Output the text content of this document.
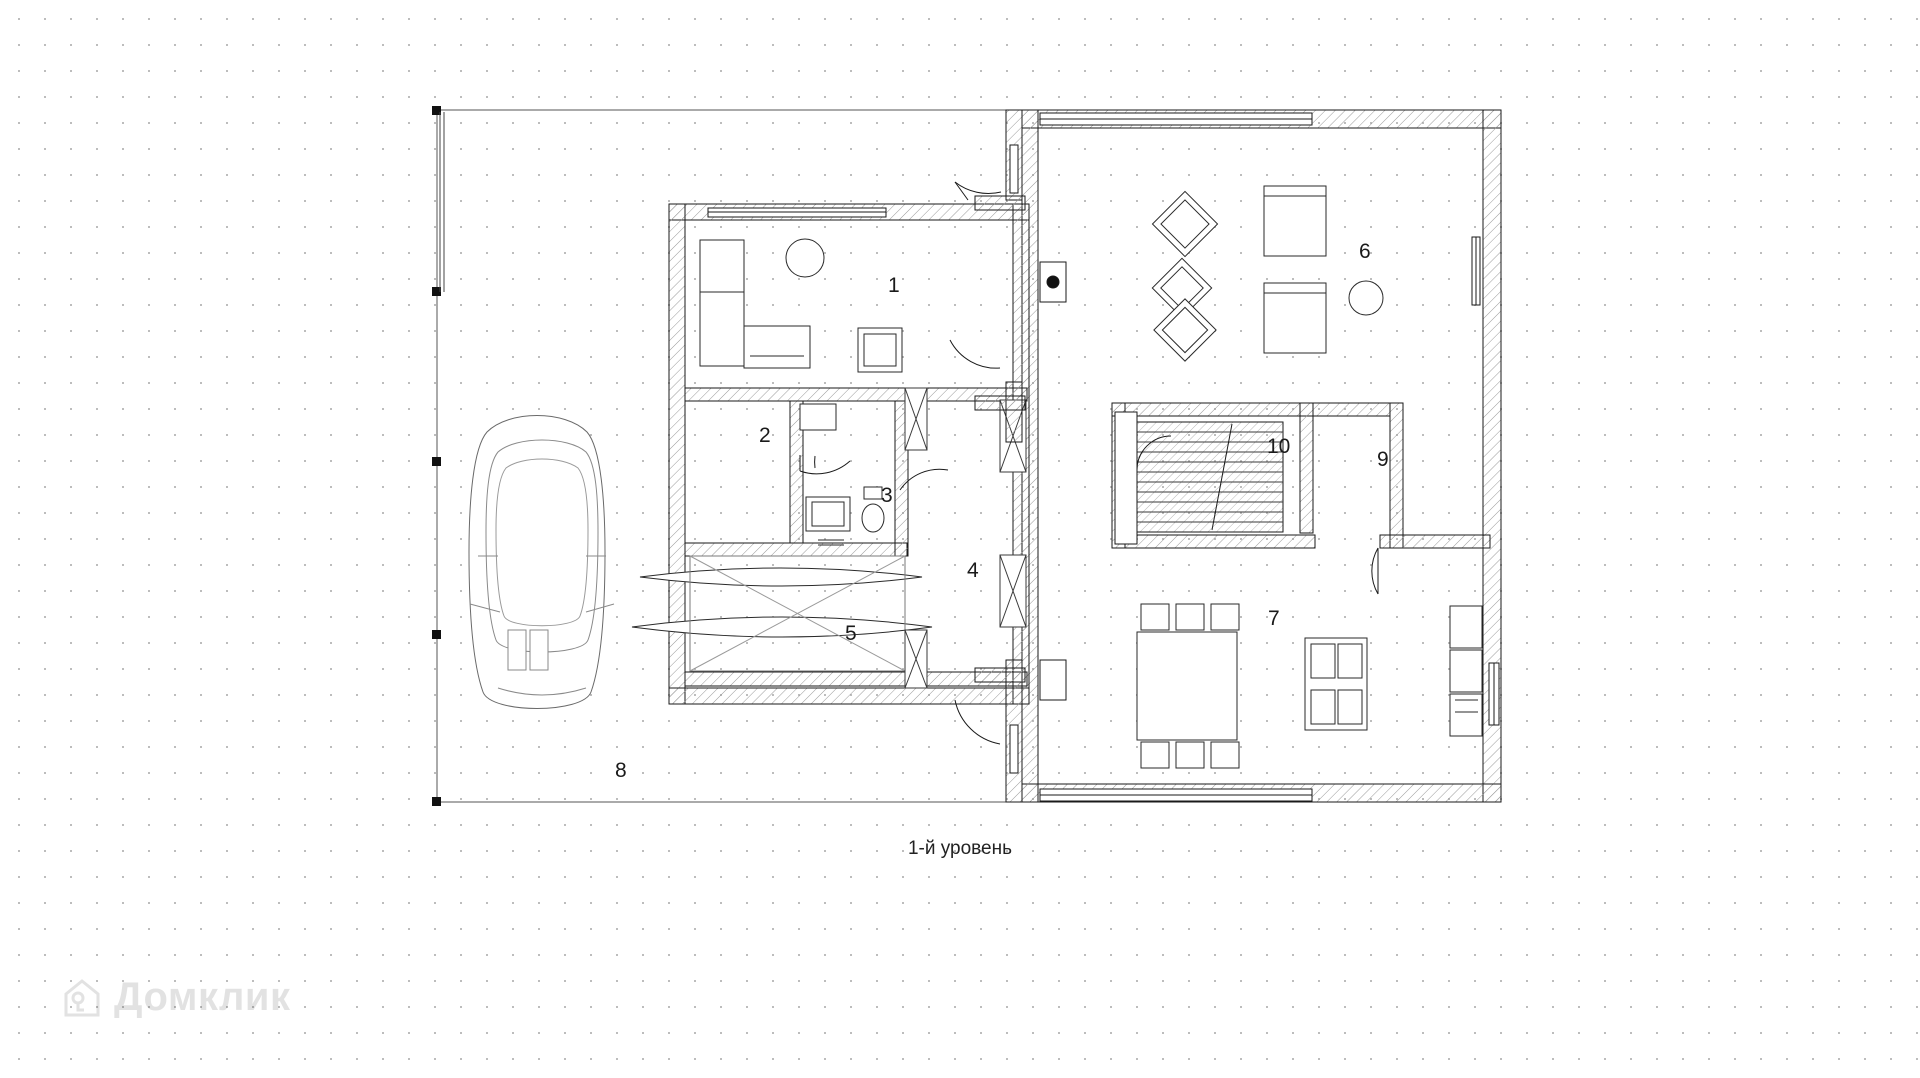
1
2
3
4
5
6
7
8
9
10
1-й уровень
Домклик
